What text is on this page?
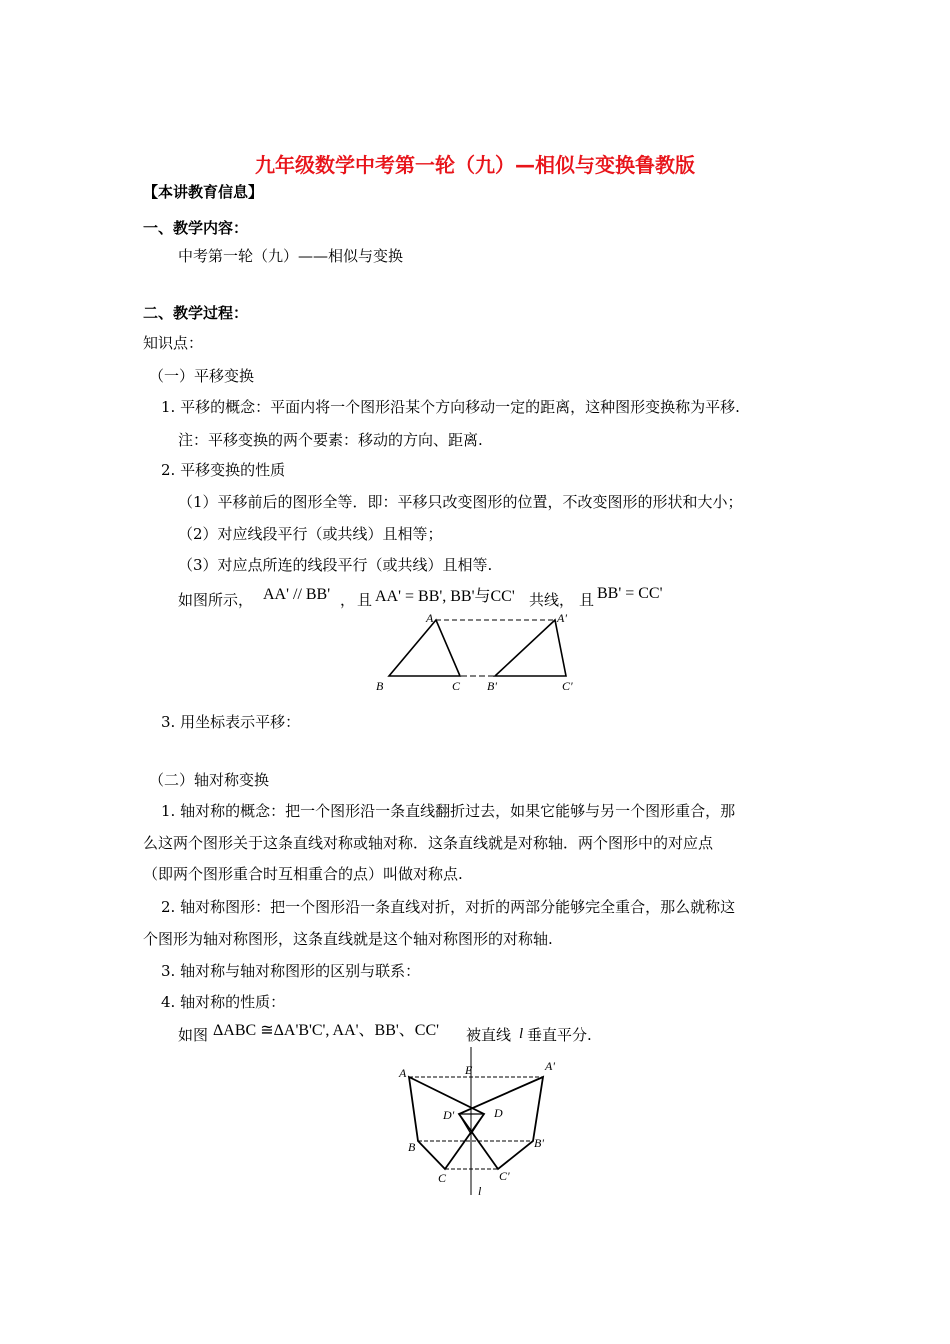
九年级数学中考第一轮（九）—相似与变换鲁教版
【本讲教育信息】
一、教学内容：
中考第一轮（九）——相似与变换
二、教学过程：
知识点：
（一）平移变换
1. 平移的概念：平面内将一个图形沿某个方向移动一定的距离，这种图形变换称为平移.
注：平移变换的两个要素：移动的方向、距离.
2. 平移变换的性质
（1）平移前后的图形全等．即：平移只改变图形的位置，不改变图形的形状和大小；
（2）对应线段平行（或共线）且相等；
（3）对应点所连的线段平行（或共线）且相等.
如图所示， AA' // BB' ， 且 AA' = BB', BB'与CC' 共线， 且 BB' = CC'
A
B	C
A'
B'	C'
3. 用坐标表示平移：
（二）轴对称变换
1. 轴对称的概念：把一个图形沿一条直线翻折过去，如果它能够与另一个图形重合，那
么这两个图形关于这条直线对称或轴对称．这条直线就是对称轴．两个图形中的对应点
（即两个图形重合时互相重合的点）叫做对称点.
2. 轴对称图形：把一个图形沿一条直线对折，对折的两部分能够完全重合，那么就称这
个图形为轴对称图形，这条直线就是这个轴对称图形的对称轴.
3. 轴对称与轴对称图形的区别与联系：
4. 轴对称的性质：
如图 ΔABC ≅ΔA'B'C', AA'、BB'、CC' 被直线 l 垂直平分.
A	A'
E
D
D'
B	B'
C	C'
l
